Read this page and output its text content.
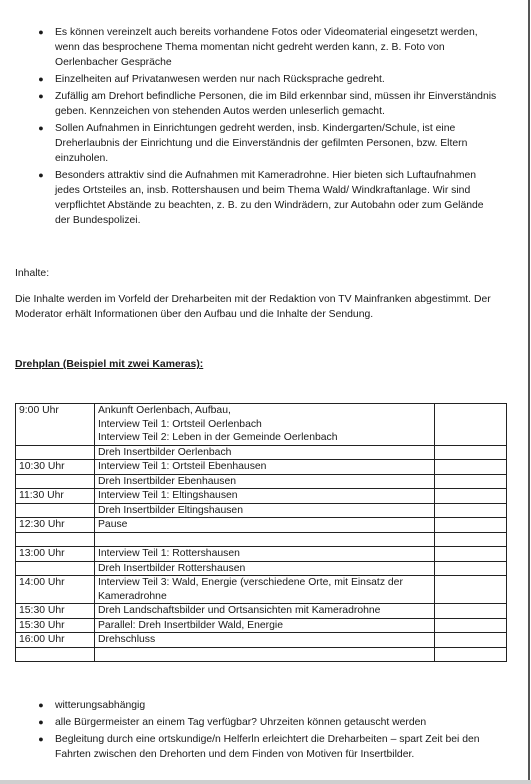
● Es können vereinzelt auch bereits vorhandene Fotos oder Videomaterial eingesetzt werden, wenn das besprochene Thema momentan nicht gedreht werden kann, z. B. Foto von Oerlenbacher Gespräche
● Einzelheiten auf Privatanwesen werden nur nach Rücksprache gedreht.
● Zufällig am Drehort befindliche Personen, die im Bild erkennbar sind, müssen ihr Einverständnis geben. Kennzeichen von stehenden Autos werden unleserlich gemacht.
● Sollen Aufnahmen in Einrichtungen gedreht werden, insb. Kindergarten/Schule, ist eine Dreherlaubnis der Einrichtung und die Einverständnis der gefilmten Personen, bzw. Eltern einzuholen.
● Besonders attraktiv sind die Aufnahmen mit Kameradrohne. Hier bieten sich Luftaufnahmen jedes Ortsteiles an, insb. Rottershausen und beim Thema Wald/ Windkraftanlage. Wir sind verpflichtet Abstände zu beachten, z. B. zu den Windrädern, zur Autobahn oder zum Gelände der Bundespolizei.
Inhalte:
Die Inhalte werden im Vorfeld der Dreharbeiten mit der Redaktion von TV Mainfranken abgestimmt. Der Moderator erhält Informationen über den Aufbau und die Inhalte der Sendung.
Drehplan (Beispiel mit zwei Kameras):
9:00 Uhr	Ankunft Oerlenbach, Aufbau,
Interview Teil 1: Ortsteil Oerlenbach
Interview Teil 2: Leben in der Gemeinde Oerlenbach	

	Dreh Insertbilder Oerlenbach	

10:30 Uhr	Interview Teil 1: Ortsteil Ebenhausen	

	Dreh Insertbilder Ebenhausen	

11:30 Uhr	Interview Teil 1: Eltingshausen	

	Dreh Insertbilder Eltingshausen	

12:30 Uhr	Pause	

13:00 Uhr	Interview Teil 1: Rottershausen	

	Dreh Insertbilder Rottershausen	

14:00 Uhr	Interview Teil 3: Wald, Energie (verschiedene Orte, mit Einsatz der
Kameradrohne	

15:30 Uhr	Dreh Landschaftsbilder und Ortsansichten mit Kameradrohne	

15:30 Uhr	Parallel: Dreh Insertbilder Wald, Energie	

16:00 Uhr	Drehschluss	

● witterungsabhängig
● alle Bürgermeister an einem Tag verfügbar? Uhrzeiten können getauscht werden
● Begleitung durch eine ortskundige/n Helferln erleichtert die Dreharbeiten – spart Zeit bei den Fahrten zwischen den Drehorten und dem Finden von Motiven für Insertbilder.
